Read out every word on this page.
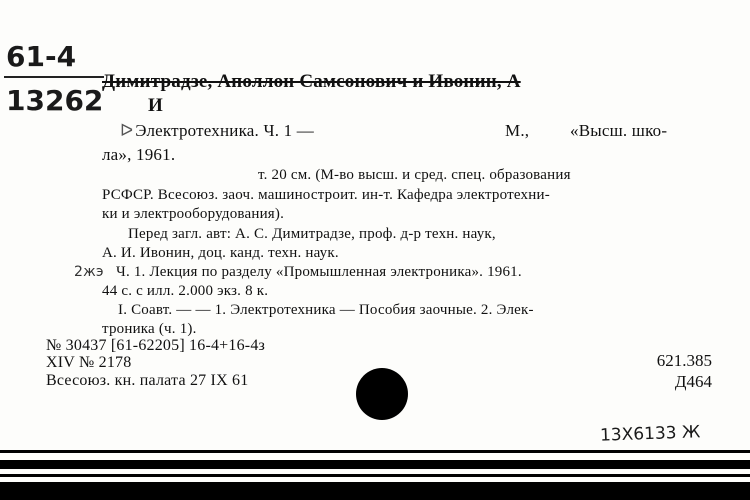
61-4
13262
Димитрадзе, Аполлон Самсонович и Ивонин, А
И
ᐅ Электротехника. Ч. 1 —	М., «Высш. шко-
ла», 1961.
т. 20 см. (М-во высш. и сред. спец. образования
РСФСР. Всесоюз. заоч. машиностроит. ин-т. Кафедра электротехни-
ки и электрооборудования).
Перед загл. авт: А. С. Димитрадзе, проф. д-р техн. наук,
А. И. Ивонин, доц. канд. техн. наук.
2жэ Ч. 1. Лекция по разделу «Промышленная электроника». 1961.
44 с. с илл. 2.000 экз. 8 к.
I. Соавт. — — 1. Электротехника — Пособия заочные. 2. Элек-
троника (ч. 1).
№ 30437 [61-62205] 16-4+16-4з
XIV № 2178
Всесоюз. кн. палата 27 IX 61
621.385
Д464
13Х6133 Ж
